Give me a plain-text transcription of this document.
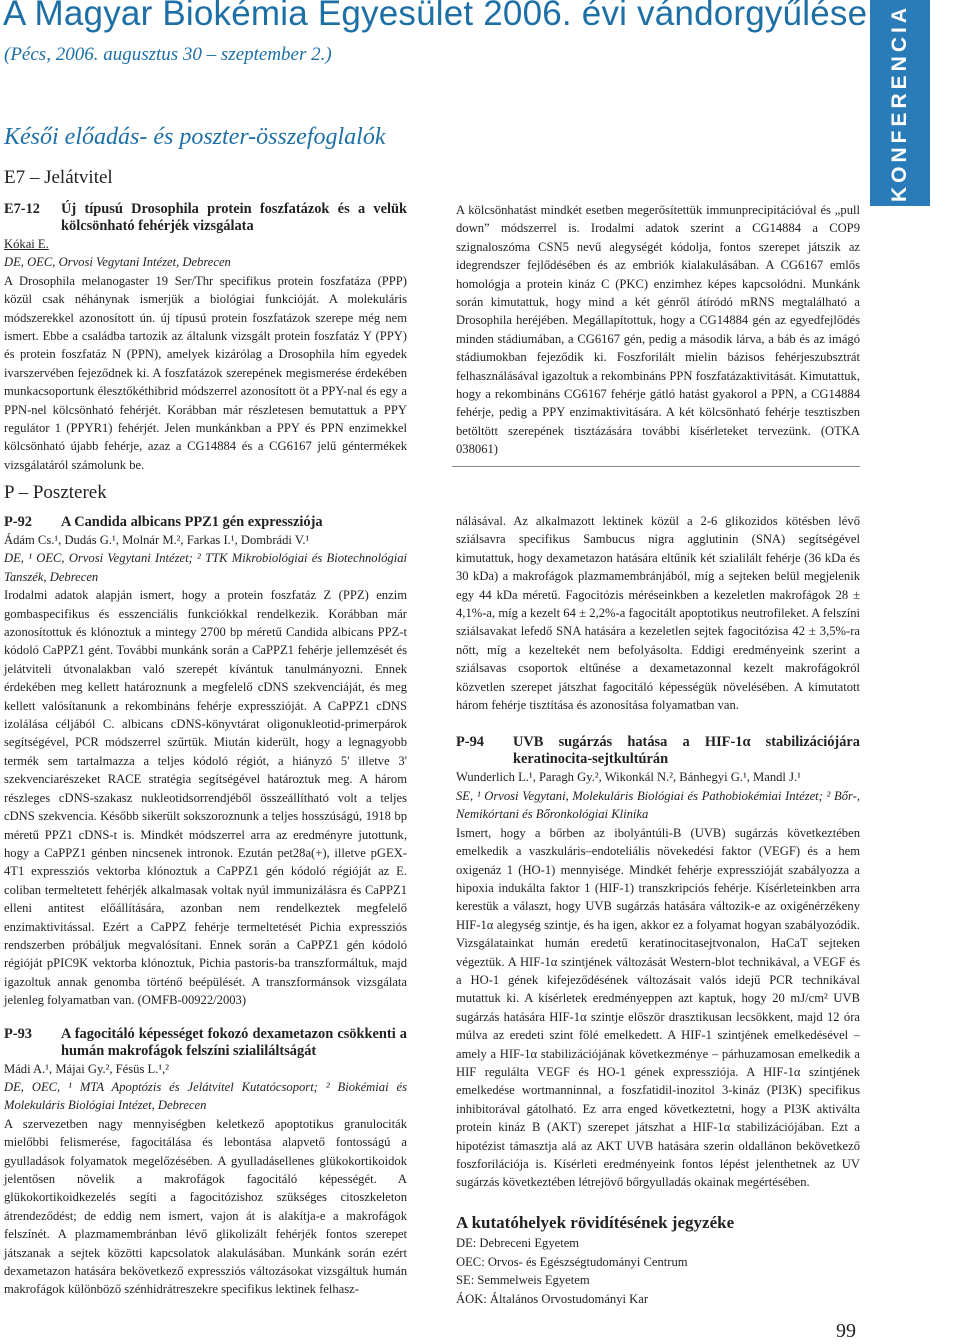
A Magyar Biokémia Egyesület 2006. évi vándorgyűlése
(Pécs, 2006. augusztus 30 – szeptember 2.)	KONFERENCIA
Késői előadás- és poszter-összefoglalók
E7 – Jelátvitel
E7-12 Új típusú Drosophila protein foszfatázok és a velük kölcsönható fehérjék vizsgálata

Kókai E.

DE, OEC, Orvosi Vegytani Intézet, Debrecen

A Drosophila melanogaster 19 Ser/Thr specifikus protein foszfatáza (PPP) közül csak néhánynak ismerjük a biológiai funkcióját. A molekuláris módszerekkel azonosított ún. új típusú protein foszfatázok szerepe még nem ismert. Ebbe a családba tartozik az általunk vizsgált protein foszfatáz Y (PPY) és protein foszfatáz N (PPN), amelyek kizárólag a Drosophila hím egyedek ivarszervében fejeződnek ki. A foszfatázok szerepének megismerése érdekében munkacsoportunk élesztőkéthibrid módszerrel azonosított öt a PPY-nal és egy a PPN-nel kölcsönható fehérjét. Korábban már részletesen bemutattuk a PPY regulátor 1 (PPYR1) fehérjét. Jelen munkánkban a PPY és PPN enzimekkel kölcsönható újabb fehérje, azaz a CG14884 és a CG6167 jelű géntermékek vizsgálatáról számolunk be.

A kölcsönhatást mindkét esetben megerősítettük immunprecipitációval és „pull down” módszerrel is. Irodalmi adatok szerint a CG14884 a COP9 szignaloszóma CSN5 nevű alegységét kódolja, fontos szerepet játszik az idegrendszer fejlődésében és az embriók kialakulásában. A CG6167 emlős homológja a protein kináz C (PKC) enzimhez képes kapcsolódni. Munkánk során kimutattuk, hogy mind a két génről átíródó mRNS megtalálható a Drosophila heréjében. Megállapítottuk, hogy a CG14884 gén az egyedfejlődés minden stádiumában, a CG6167 gén, pedig a második lárva, a báb és az imágó stádiumokban fejeződik ki. Foszforilált mielin bázisos fehérjeszubsztrát felhasználásával igazoltuk a rekombináns PPN foszfatázaktivitását. Kimutattuk, hogy a rekombináns CG6167 fehérje gátló hatást gyakorol a PPN, a CG14884 fehérje, pedig a PPY enzimaktivitására. A két kölcsönható fehérje tesztiszben betöltött szerepének tisztázására további kísérleteket tervezünk. (OTKA 038061)

P – Poszterek
P-92 A Candida albicans PPZ1 gén expressziója

Ádám Cs.¹, Dudás G.¹, Molnár M.², Farkas I.¹, Dombrádi V.¹

DE, ¹ OEC, Orvosi Vegytani Intézet; ² TTK Mikrobiológiai és Biotechnológiai Tanszék, Debrecen

Irodalmi adatok alapján ismert, hogy a protein foszfatáz Z (PPZ) enzim gombaspecifikus és esszenciális funkciókkal rendelkezik. Korábban már azonosítottuk és klónoztuk a mintegy 2700 bp méretű Candida albicans PPZ-t kódoló CaPPZ1 gént. További munkánk során a CaPPZ1 fehérje jellemzését és jelátviteli útvonalakban való szerepét kívántuk tanulmányozni. Ennek érdekében meg kellett határoznunk a megfelelő cDNS szekvenciáját, és meg kellett valósítanunk a rekombináns fehérje expresszióját. A CaPPZ1 cDNS izolálása céljából C. albicans cDNS-könyvtárat oligonukleotid-primerpárok segítségével, PCR módszerrel szűrtük. Miután kiderült, hogy a legnagyobb termék sem tartalmazza a teljes kódoló régiót, a hiányzó 5' illetve 3' szekvenciarészeket RACE stratégia segítségével határoztuk meg. A három részleges cDNS-szakasz nukleotidsorrendjéből összeállítható volt a teljes cDNS szekvencia. Később sikerült sokszoroznunk a teljes hosszúságú, 1918 bp méretű PPZ1 cDNS-t is. Mindkét módszerrel arra az eredményre jutottunk, hogy a CaPPZ1 génben nincsenek intronok. Ezután pet28a(+), illetve pGEX-4T1 expressziós vektorba klónoztuk a CaPPZ1 gén kódoló régióját az E. coliban termeltetett fehérjék alkalmasak voltak nyúl immunizálásra és CaPPZ1 elleni antitest előállítására, azonban nem rendelkeztek megfelelő enzimaktivitással. Ezért a CaPPZ fehérje termeltetését Pichia expressziós rendszerben próbáljuk megvalósítani. Ennek során a CaPPZ1 gén kódoló régióját pPIC9K vektorba klónoztuk, Pichia pastoris-ba transzformáltuk, majd igazoltuk annak genomba történő beépülését. A transzformánsok vizsgálata jelenleg folyamatban van. (OMFB-00922/2003)

P-93 A fagocitáló képességet fokozó dexametazon csökkenti a humán makrofágok felszíni szialiláltságát

Mádi A.¹, Májai Gy.², Fésüs L.¹,²

DE, OEC, ¹ MTA Apoptózis és Jelátvitel Kutatócsoport; ² Biokémiai és Molekuláris Biológiai Intézet, Debrecen

A szervezetben nagy mennyiségben keletkező apoptotikus granulociták mielőbbi felismerése, fagocitálása és lebontása alapvető fontosságú a gyulladások folyamatok megelőzésében. A gyulladásellenes glükokortikoidok jelentősen növelik a makrofágok fagocitáló képességét. A glükokortikoidkezelés segíti a fagocitózishoz szükséges citoszkeleton átrendeződést; de eddig nem ismert, vajon át is alakítja-e a makrofágok felszínét. A plazmamembránban lévő glikolizált fehérjék fontos szerepet játszanak a sejtek közötti kapcsolatok alakulásában. Munkánk során ezért dexametazon hatására bekövetkező expressziós változásokat vizsgáltuk humán makrofágok különböző szénhidrátreszekre specifikus lektinek felhasz-

nálásával. Az alkalmazott lektinek közül a 2-6 glikozidos kötésben lévő sziálsavra specifikus Sambucus nigra agglutinin (SNA) segítségével kimutattuk, hogy dexametazon hatására eltűnik két szialilált fehérje (36 kDa és 30 kDa) a makrofágok plazmamembránjából, míg a sejteken belül megjelenik egy 44 kDa méretű. Fagocitózis méréseinkben a kezeletlen makrofágok 28 ± 4,1%-a, míg a kezelt 64 ± 2,2%-a fagocitált apoptotikus neutrofileket. A felszíni sziálsavakat lefedő SNA hatására a kezeletlen sejtek fagocitózisa 42 ± 3,5%-ra nőtt, míg a kezeltekét nem befolyásolta. Eddigi eredményeink szerint a sziálsavas csoportok eltűnése a dexametazonnal kezelt makrofágokról közvetlen szerepet játszhat fagocitáló képességük növelésében. A kimutatott három fehérje tisztítása és azonosítása folyamatban van.

P-94 UVB sugárzás hatása a HIF-1α stabilizációjára keratinocita-sejtkultúrán

Wunderlich L.¹, Paragh Gy.², Wikonkál N.², Bánhegyi G.¹, Mandl J.¹

SE, ¹ Orvosi Vegytani, Molekuláris Biológiai és Pathobiokémiai Intézet; ² Bőr-, Nemikórtani és Bőronkológiai Klinika

Ismert, hogy a bőrben az ibolyántúli-B (UVB) sugárzás következtében emelkedik a vaszkuláris–endoteliális növekedési faktor (VEGF) és a hem oxigenáz 1 (HO-1) mennyisége. Mindkét fehérje expresszióját szabályozza a hipoxia indukálta faktor 1 (HIF-1) transzkripciós fehérje. Kísérleteinkben arra kerestük a választ, hogy UVB sugárzás hatására változik-e az oxigénérzékeny HIF-1α alegység szintje, és ha igen, akkor ez a folyamat hogyan szabályozódik. Vizsgálatainkat humán eredetű keratinocitasejtvonalon, HaCaT sejteken végeztük. A HIF-1α szintjének változását Western-blot technikával, a VEGF és a HO-1 gének kifejeződésének változásait valós idejű PCR technikával mutattuk ki. A kísérletek eredményeppen azt kaptuk, hogy 20 mJ/cm² UVB sugárzás hatására HIF-1α szintje először drasztikusan lecsökkent, majd 12 óra múlva az eredeti szint fölé emelkedett. A HIF-1 szintjének emelkedésével – amely a HIF-1α stabilizációjának következménye – párhuzamosan emelkedik a HIF regulálta VEGF és HO-1 gének expressziója. A HIF-1α szintjének emelkedése wortmanninnal, a foszfatidil-inozitol 3-kináz (PI3K) specifikus inhibitorával gátolható. Ez arra enged következtetni, hogy a PI3K aktiválta protein kináz B (AKT) szerepet játszhat a HIF-1α stabilizációjában. Ezt a hipotézist támasztja alá az AKT UVB hatására szerin oldallánon bekövetkező foszforilációja is. Kísérleti eredményeink fontos lépést jelenthetnek az UV sugárzás következtében létrejövő bőrgyulladás okainak megértésében.

A kutatóhelyek rövidítésének jegyzéke

DE: Debreceni Egyetem

OEC: Orvos- és Egészségtudományi Centrum

SE: Semmelweis Egyetem

ÁOK: Általános Orvostudományi Kar

99
